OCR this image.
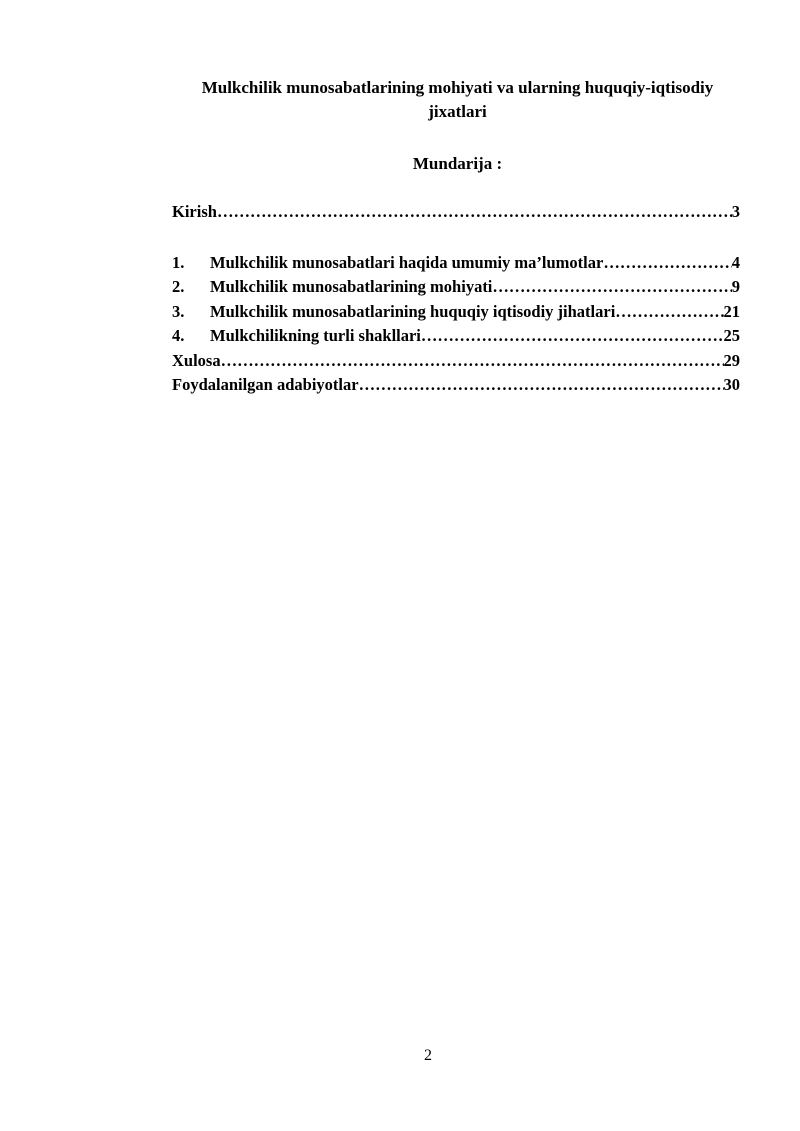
Mulkchilik munosabatlarining mohiyati va ularning huquqiy-iqtisodiy
jixatlari
Mundarija :
Kirish ……………………………………………………………………………………………………………………………………	3
1.	Mulkchilik munosabatlari haqida umumiy ma’lumotlar ……………………………………………………………………………………………………………………………………	4
2.	Mulkchilik munosabatlarining mohiyati ……………………………………………………………………………………………………………………………………	9
3.	Mulkchilik munosabatlarining huquqiy iqtisodiy jihatlari ……………………………………………………………………………………………………………………………………	21
4.	Mulkchilikning turli shakllari ……………………………………………………………………………………………………………………………………	25
Xulosa ……………………………………………………………………………………………………………………………………	29
Foydalanilgan adabiyotlar ……………………………………………………………………………………………………………………………………	30
2
